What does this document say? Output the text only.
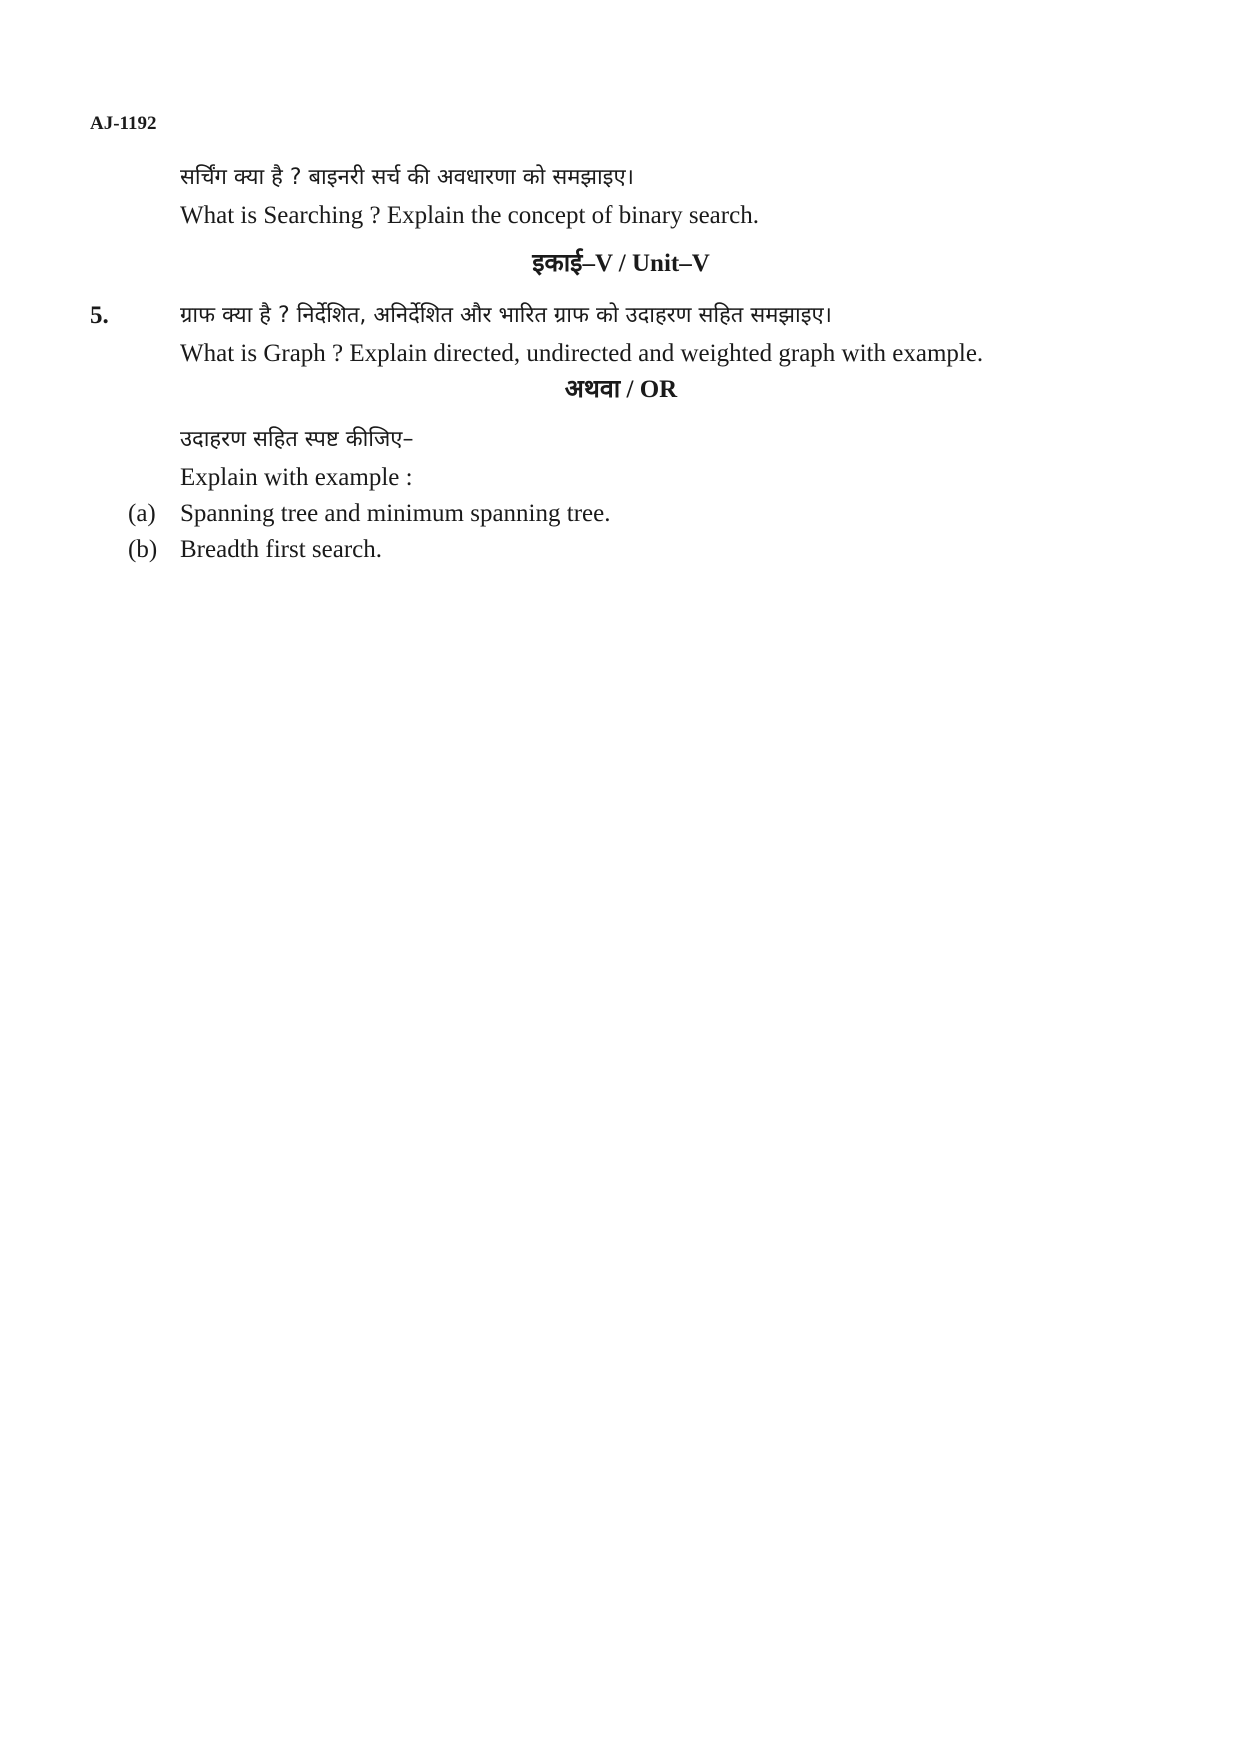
AJ-1192
सर्चिंग क्या है ? बाइनरी सर्च की अवधारणा को समझाइए।
What is Searching ? Explain the concept of binary search.
इकाई–V / Unit–V
5.	ग्राफ क्या है ? निर्देशित, अनिर्देशित और भारित ग्राफ को उदाहरण सहित समझाइए।
What is Graph ? Explain directed, undirected and weighted graph with example.
अथवा / OR
उदाहरण सहित स्पष्ट कीजिए–
Explain with example :
(a) Spanning tree and minimum spanning tree.
(b) Breadth first search.
